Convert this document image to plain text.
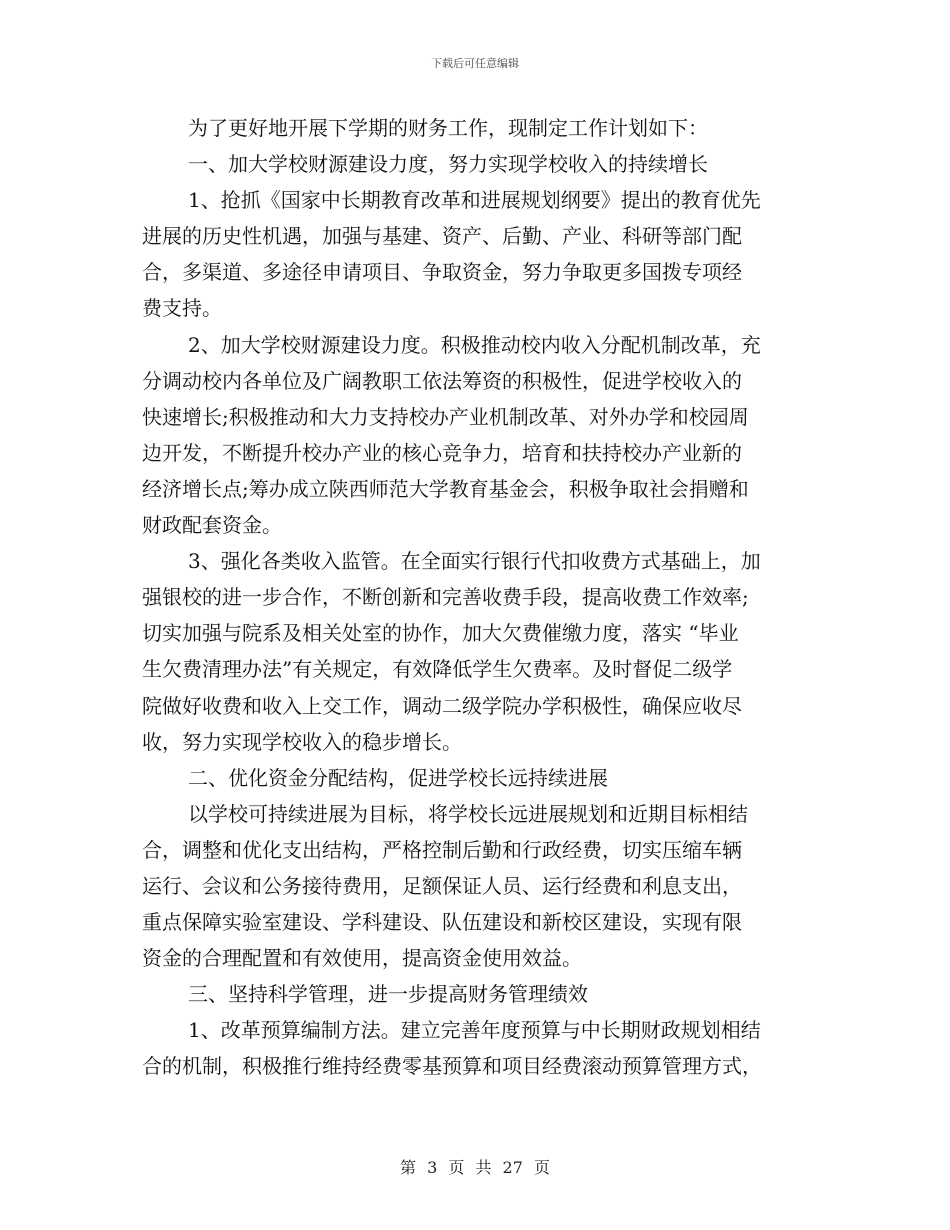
下载后可任意编辑
为了更好地开展下学期的财务工作，现制定工作计划如下：
一、加大学校财源建设力度，努力实现学校收入的持续增长
1、抢抓《国家中长期教育改革和进展规划纲要》提出的教育优先
进展的历史性机遇，加强与基建、资产、后勤、产业、科研等部门配
合，多渠道、多途径申请项目、争取资金，努力争取更多国拨专项经
费支持。
2、加大学校财源建设力度。积极推动校内收入分配机制改革，充
分调动校内各单位及广阔教职工依法筹资的积极性，促进学校收入的
快速增长;积极推动和大力支持校办产业机制改革、对外办学和校园周
边开发，不断提升校办产业的核心竞争力，培育和扶持校办产业新的
经济增长点;筹办成立陕西师范大学教育基金会，积极争取社会捐赠和
财政配套资金。
3、强化各类收入监管。在全面实行银行代扣收费方式基础上，加
强银校的进一步合作，不断创新和完善收费手段，提高收费工作效率;
切实加强与院系及相关处室的协作，加大欠费催缴力度，落实 “毕业
生欠费清理办法”有关规定，有效降低学生欠费率。及时督促二级学
院做好收费和收入上交工作，调动二级学院办学积极性，确保应收尽
收，努力实现学校收入的稳步增长。
二、优化资金分配结构，促进学校长远持续进展
以学校可持续进展为目标，将学校长远进展规划和近期目标相结
合，调整和优化支出结构，严格控制后勤和行政经费，切实压缩车辆
运行、会议和公务接待费用，足额保证人员、运行经费和利息支出，
重点保障实验室建设、学科建设、队伍建设和新校区建设，实现有限
资金的合理配置和有效使用，提高资金使用效益。
三、坚持科学管理，进一步提高财务管理绩效
1、改革预算编制方法。建立完善年度预算与中长期财政规划相结
合的机制，积极推行维持经费零基预算和项目经费滚动预算管理方式，
第 3 页 共 27 页
